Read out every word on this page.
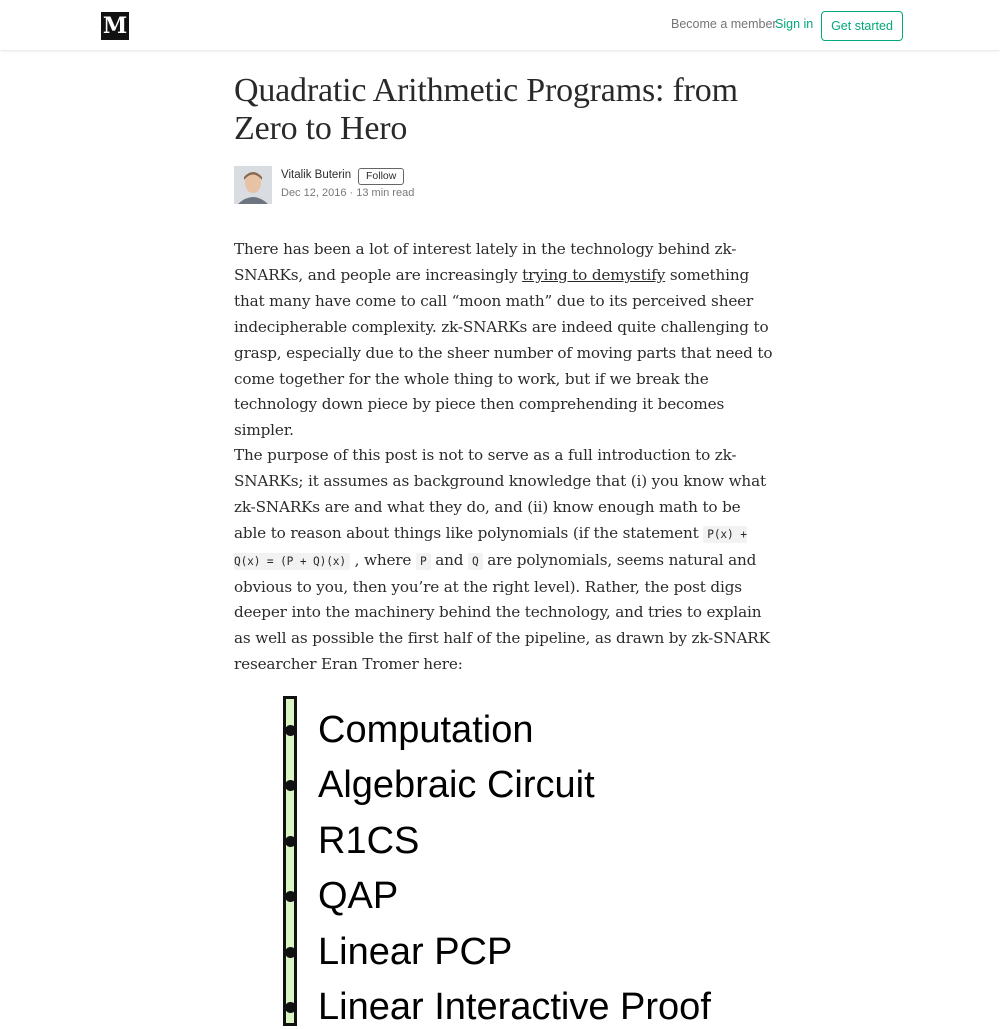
M	Become a member
Sign in	Get started
Quadratic Arithmetic Programs: from Zero to Hero
Vitalik Buterin	Follow
Dec 12, 2016 · 13 min read

There has been a lot of interest lately in the technology behind zk-SNARKs, and people are increasingly trying to demystify something that many have come to call “moon math” due to its perceived sheer indecipherable complexity. zk-SNARKs are indeed quite challenging to grasp, especially due to the sheer number of moving parts that need to come together for the whole thing to work, but if we break the technology down piece by piece then comprehending it becomes simpler.

The purpose of this post is not to serve as a full introduction to zk-SNARKs; it assumes as background knowledge that (i) you know what zk-SNARKs are and what they do, and (ii) know enough math to be able to reason about things like polynomials (if the statement P(x) + Q(x) = (P + Q)(x) , where P and Q are polynomials, seems natural and obvious to you, then you’re at the right level). Rather, the post digs deeper into the machinery behind the technology, and tries to explain as well as possible the first half of the pipeline, as drawn by zk-SNARK researcher Eran Tromer here:

Computation
Algebraic Circuit
R1CS
QAP
Linear PCP
Linear Interactive Proof
